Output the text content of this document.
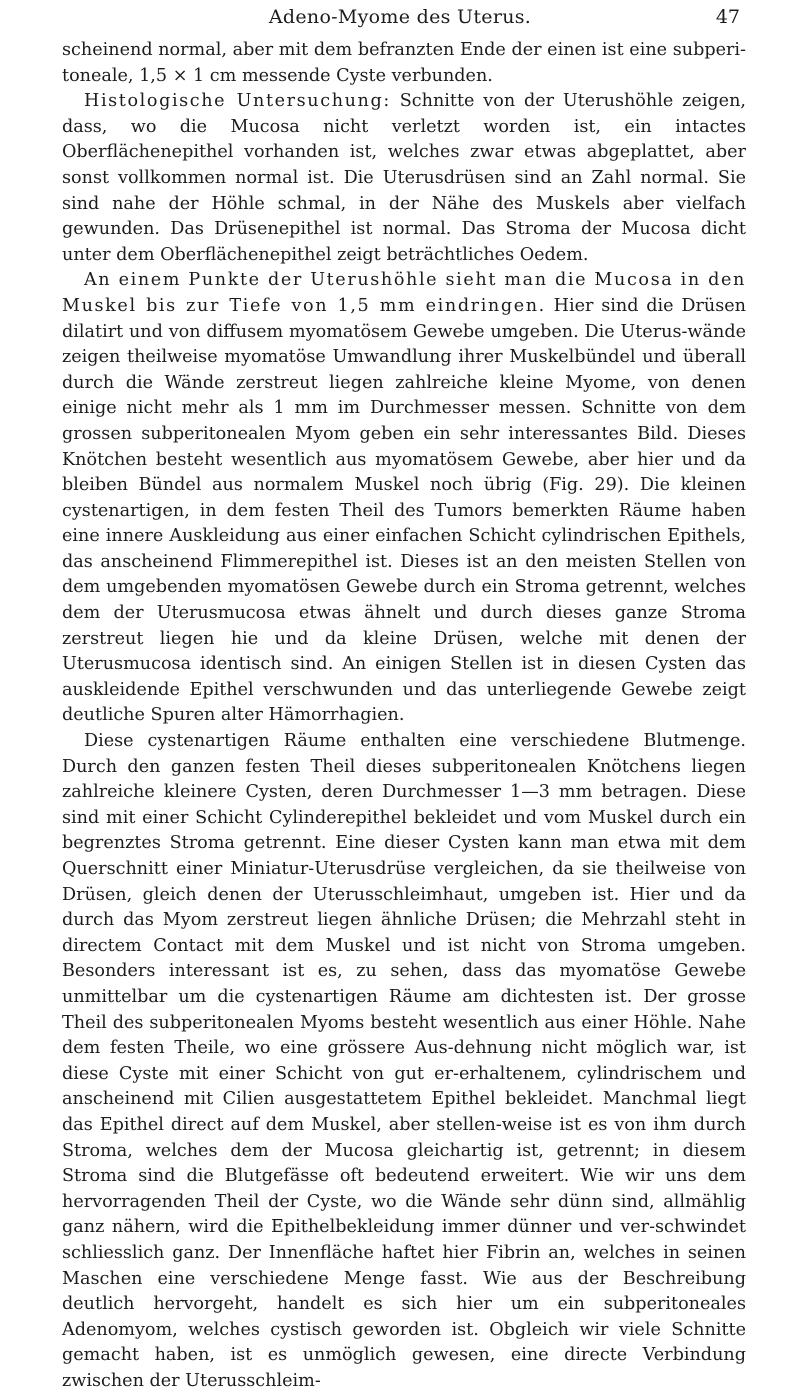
Adeno-Myome des Uterus.	47

scheinend normal, aber mit dem befranzten Ende der einen ist eine subperi-toneale, 1,5 × 1 cm messende Cyste verbunden.

Histologische Untersuchung: Schnitte von der Uterushöhle zeigen, dass, wo die Mucosa nicht verletzt worden ist, ein intactes Oberflächenepithel vorhanden ist, welches zwar etwas abgeplattet, aber sonst vollkommen normal ist. Die Uterusdrüsen sind an Zahl normal. Sie sind nahe der Höhle schmal, in der Nähe des Muskels aber vielfach gewunden. Das Drüsenepithel ist normal. Das Stroma der Mucosa dicht unter dem Oberflächenepithel zeigt beträchtliches Oedem.

An einem Punkte der Uterushöhle sieht man die Mucosa in den Muskel bis zur Tiefe von 1,5 mm eindringen. Hier sind die Drüsen dilatirt und von diffusem myomatösem Gewebe umgeben. Die Uterus-wände zeigen theilweise myomatöse Umwandlung ihrer Muskelbündel und überall durch die Wände zerstreut liegen zahlreiche kleine Myome, von denen einige nicht mehr als 1 mm im Durchmesser messen. Schnitte von dem grossen subperitonealen Myom geben ein sehr interessantes Bild. Dieses Knötchen besteht wesentlich aus myomatösem Gewebe, aber hier und da bleiben Bündel aus normalem Muskel noch übrig (Fig. 29). Die kleinen cystenartigen, in dem festen Theil des Tumors bemerkten Räume haben eine innere Auskleidung aus einer einfachen Schicht cylindrischen Epithels, das anscheinend Flimmerepithel ist. Dieses ist an den meisten Stellen von dem umgebenden myomatösen Gewebe durch ein Stroma getrennt, welches dem der Uterusmucosa etwas ähnelt und durch dieses ganze Stroma zerstreut liegen hie und da kleine Drüsen, welche mit denen der Uterusmucosa identisch sind. An einigen Stellen ist in diesen Cysten das auskleidende Epithel verschwunden und das unterliegende Gewebe zeigt deutliche Spuren alter Hämorrhagien.

Diese cystenartigen Räume enthalten eine verschiedene Blutmenge. Durch den ganzen festen Theil dieses subperitonealen Knötchens liegen zahlreiche kleinere Cysten, deren Durchmesser 1—3 mm betragen. Diese sind mit einer Schicht Cylinderepithel bekleidet und vom Muskel durch ein begrenztes Stroma getrennt. Eine dieser Cysten kann man etwa mit dem Querschnitt einer Miniatur-Uterusdrüse vergleichen, da sie theilweise von Drüsen, gleich denen der Uterusschleimhaut, umgeben ist. Hier und da durch das Myom zerstreut liegen ähnliche Drüsen; die Mehrzahl steht in directem Contact mit dem Muskel und ist nicht von Stroma umgeben. Besonders interessant ist es, zu sehen, dass das myomatöse Gewebe unmittelbar um die cystenartigen Räume am dichtesten ist. Der grosse Theil des subperitonealen Myoms besteht wesentlich aus einer Höhle. Nahe dem festen Theile, wo eine grössere Aus-dehnung nicht möglich war, ist diese Cyste mit einer Schicht von gut er-erhaltenem, cylindrischem und anscheinend mit Cilien ausgestattetem Epithel bekleidet. Manchmal liegt das Epithel direct auf dem Muskel, aber stellen-weise ist es von ihm durch Stroma, welches dem der Mucosa gleichartig ist, getrennt; in diesem Stroma sind die Blutgefässe oft bedeutend erweitert. Wie wir uns dem hervorragenden Theil der Cyste, wo die Wände sehr dünn sind, allmählig ganz nähern, wird die Epithelbekleidung immer dünner und ver-schwindet schliesslich ganz. Der Innenfläche haftet hier Fibrin an, welches in seinen Maschen eine verschiedene Menge fasst. Wie aus der Beschreibung deutlich hervorgeht, handelt es sich hier um ein subperitoneales Adenomyom, welches cystisch geworden ist. Obgleich wir viele Schnitte gemacht haben, ist es unmöglich gewesen, eine directe Verbindung zwischen der Uterusschleim-
